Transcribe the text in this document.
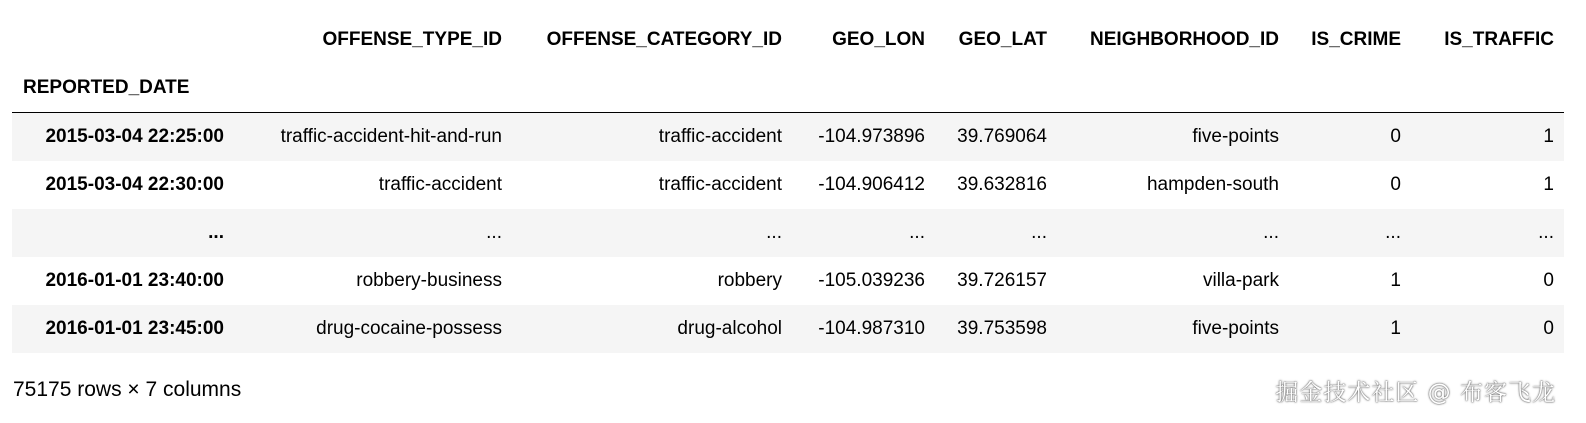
	OFFENSE_TYPE_ID	OFFENSE_CATEGORY_ID	GEO_LON	GEO_LAT	NEIGHBORHOOD_ID	IS_CRIME	IS_TRAFFIC
REPORTED_DATE							
2015-03-04 22:25:00	traffic-accident-hit-and-run	traffic-accident	-104.973896	39.769064	five-points	0	1
2015-03-04 22:30:00	traffic-accident	traffic-accident	-104.906412	39.632816	hampden-south	0	1
...	...	...	...	...	...	...	...
2016-01-01 23:40:00	robbery-business	robbery	-105.039236	39.726157	villa-park	1	0
2016-01-01 23:45:00	drug-cocaine-possess	drug-alcohol	-104.987310	39.753598	five-points	1	0
75175 rows × 7 columns	掘金技术社区 @ 布客飞龙
